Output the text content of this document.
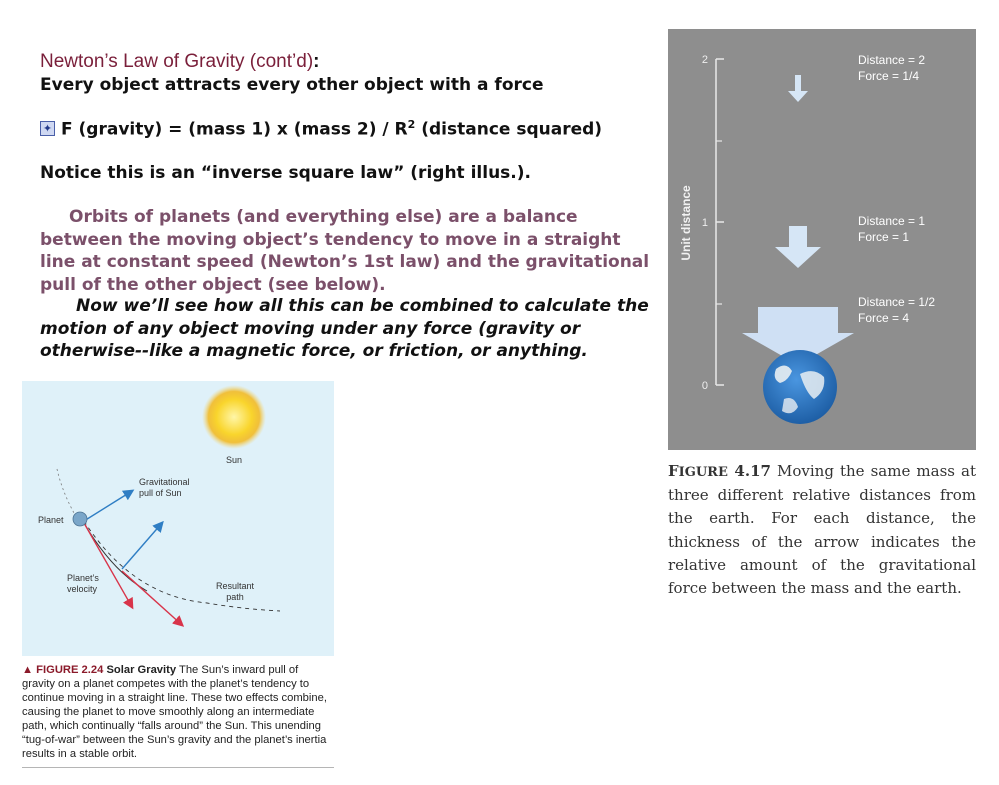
Newton’s Law of Gravity (cont’d):
Every object attracts every other object with a force
✦ F (gravity) = (mass 1) x (mass $2) / R^2$ (distance squared)
Notice this is an “inverse square law” (right illus.).
Orbits of planets (and everything else) are a balance between the moving object’s tendency to move in a straight line at constant speed (Newton’s 1st law) and the gravitational pull of the other object (see below).
Now we’ll see how all this can be combined to calculate the motion of any object moving under any force (gravity or otherwise--like a magnetic force, or friction, or anything.
Sun
Planet
Gravitational
pull of Sun
Planet’s
velocity	Resultant
path
▲ FIGURE 2.24 Solar Gravity The Sun’s inward pull of gravity on a planet competes with the planet’s tendency to continue moving in a straight line. These two effects combine, causing the planet to move smoothly along an intermediate path, which continually “falls around” the Sun. This unending “tug-of-war” between the Sun’s gravity and the planet’s inertia results in a stable orbit.
2
1
0
Unit distance
Distance = 2
Force = 1/4
Distance = 1
Force = 1
Distance = 1/2
Force = 4
FIGURE 4.17 Moving the same mass at three different relative distances from the earth. For each distance, the thickness of the arrow indicates the relative amount of the gravitational force between the mass and the earth.
